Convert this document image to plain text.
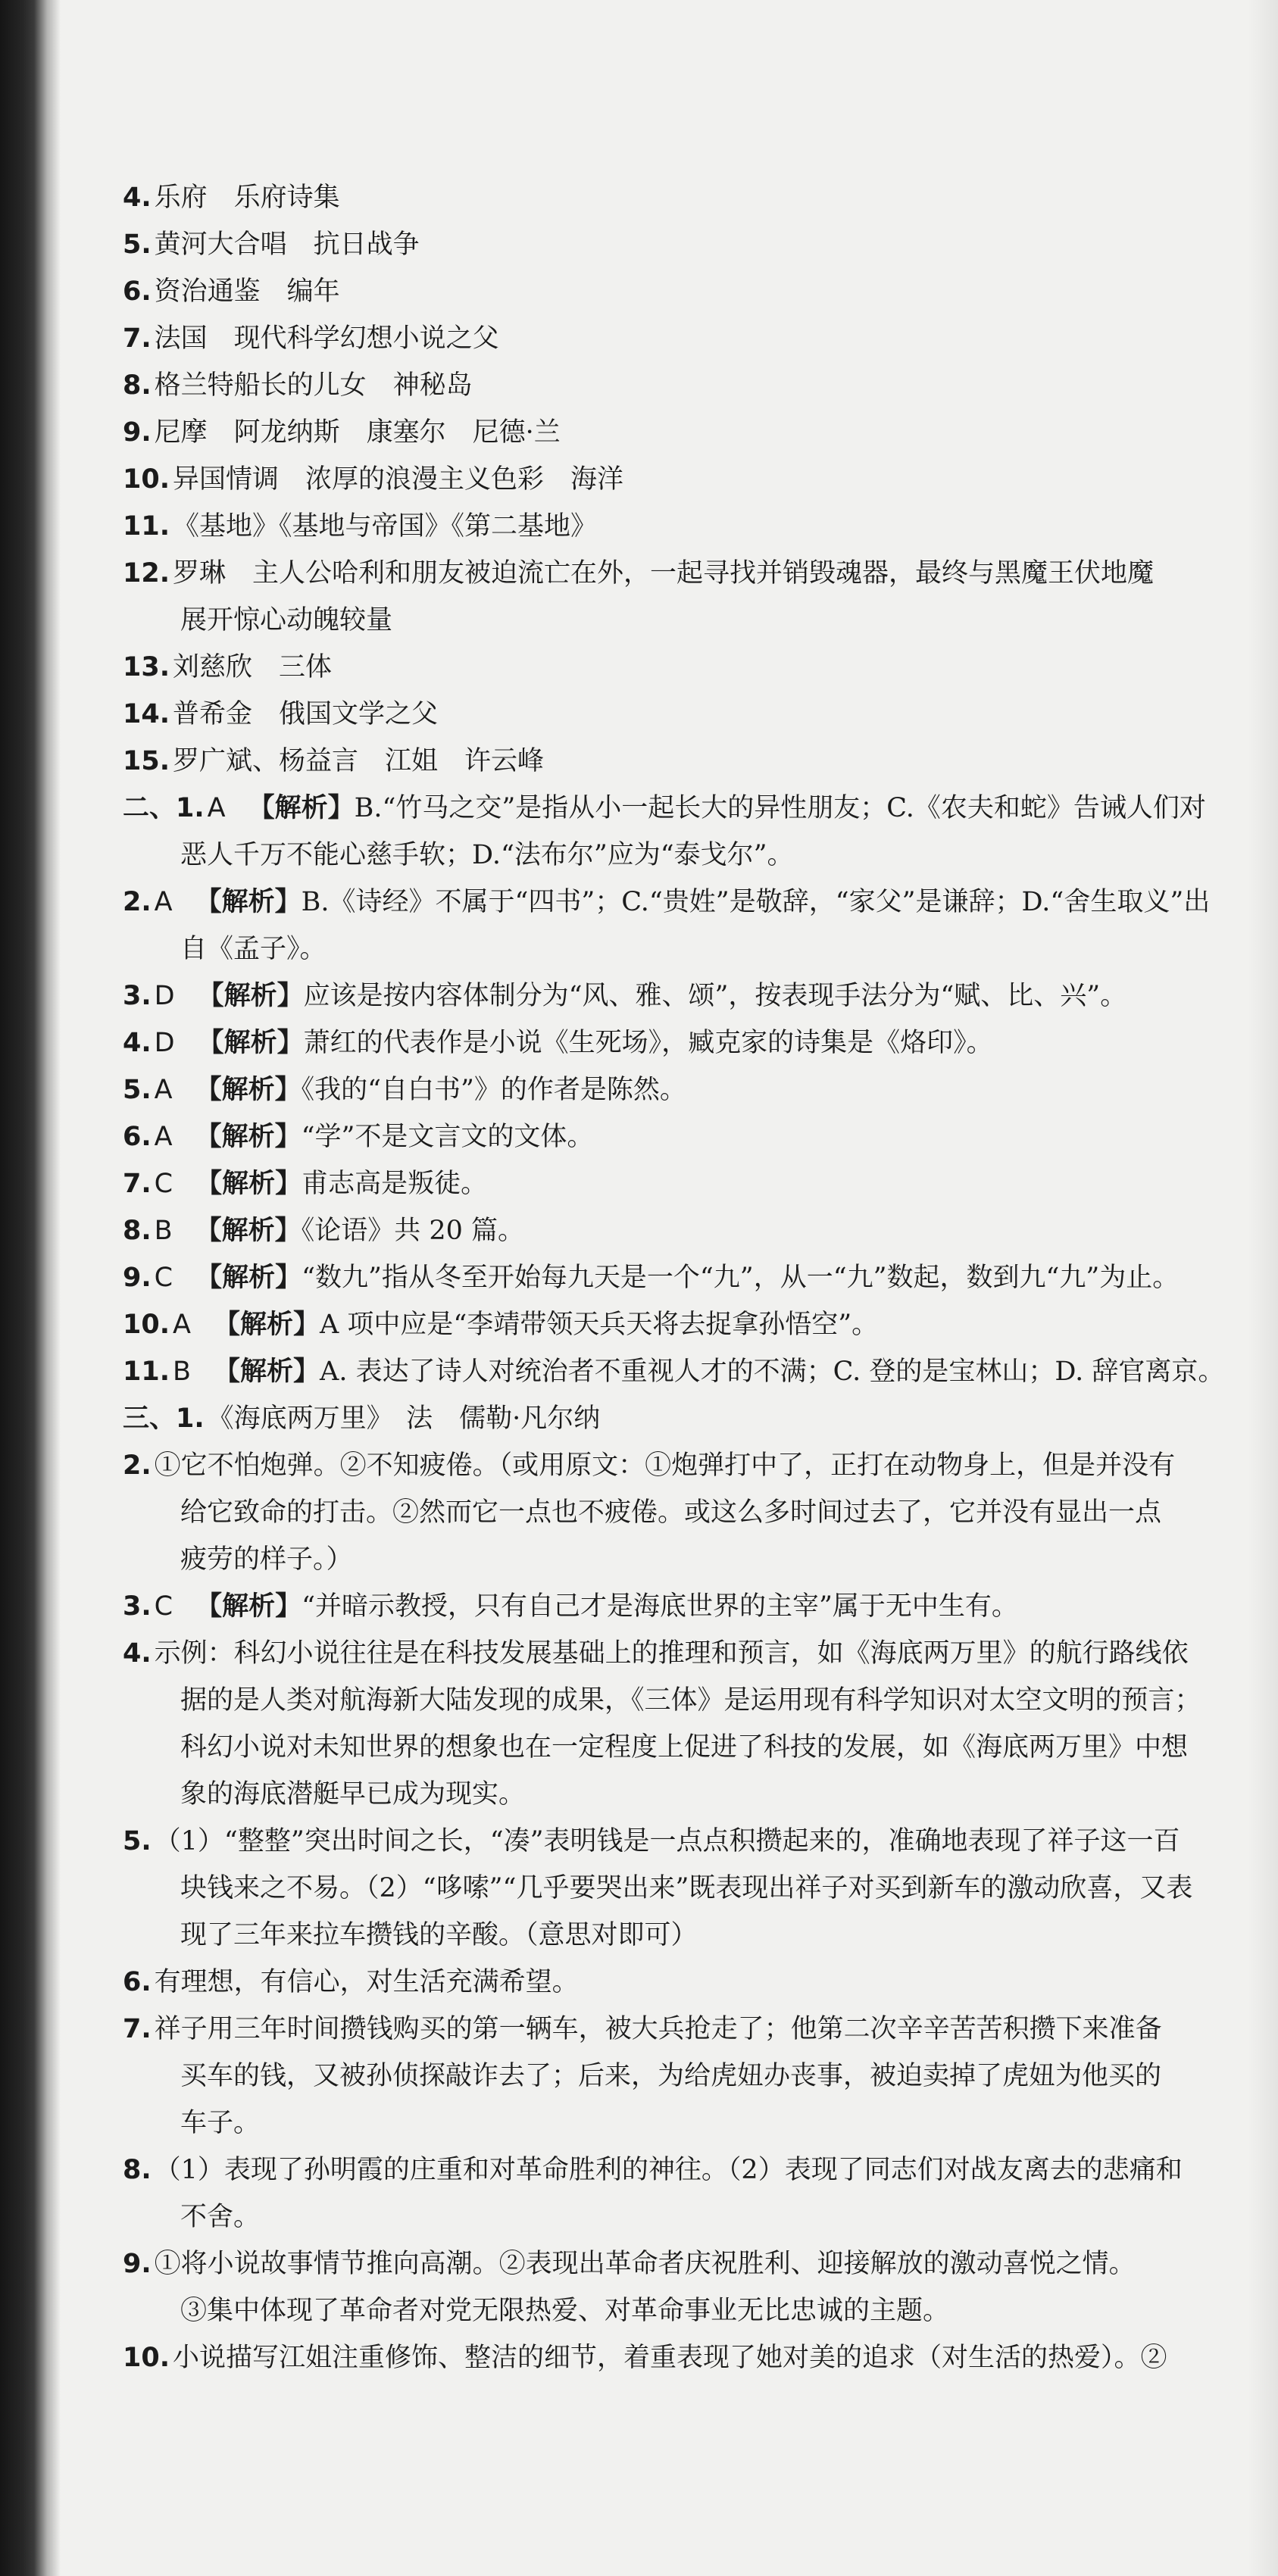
4. 乐府　乐府诗集

5. 黄河大合唱　抗日战争

6. 资治通鉴　编年

7. 法国　现代科学幻想小说之父

8. 格兰特船长的儿女　神秘岛

9. 尼摩　阿龙纳斯　康塞尔　尼德·兰

10. 异国情调　浓厚的浪漫主义色彩　海洋

11. 《基地》《基地与帝国》《第二基地》

12. 罗琳　主人公哈利和朋友被迫流亡在外，一起寻找并销毁魂器，最终与黑魔王伏地魔
展开惊心动魄较量

13. 刘慈欣　三体

14. 普希金　俄国文学之父

15. 罗广斌、杨益言　江姐　许云峰

二、1. A 【解析】B.“竹马之交”是指从小一起长大的异性朋友；C.《农夫和蛇》告诫人们对
恶人千万不能心慈手软；D.“法布尔”应为“泰戈尔”。

2. A 【解析】B.《诗经》不属于“四书”；C.“贵姓”是敬辞，“家父”是谦辞；D.“舍生取义”出
自《孟子》。

3. D 【解析】应该是按内容体制分为“风、雅、颂”，按表现手法分为“赋、比、兴”。

4. D 【解析】萧红的代表作是小说《生死场》，臧克家的诗集是《烙印》。

5. A 【解析】《我的“自白书”》的作者是陈然。

6. A 【解析】“学”不是文言文的文体。

7. C 【解析】甫志高是叛徒。

8. B 【解析】《论语》共 20 篇。

9. C 【解析】“数九”指从冬至开始每九天是一个“九”，从一“九”数起，数到九“九”为止。

10. A 【解析】A 项中应是“李靖带领天兵天将去捉拿孙悟空”。

11. B 【解析】A. 表达了诗人对统治者不重视人才的不满；C. 登的是宝林山；D. 辞官离京。

三、1. 《海底两万里》　法　儒勒·凡尔纳

2. ①它不怕炮弹。②不知疲倦。（或用原文：①炮弹打中了，正打在动物身上，但是并没有
给它致命的打击。②然而它一点也不疲倦。或这么多时间过去了，它并没有显出一点
疲劳的样子。）

3. C 【解析】“并暗示教授，只有自己才是海底世界的主宰”属于无中生有。

4. 示例：科幻小说往往是在科技发展基础上的推理和预言，如《海底两万里》的航行路线依
据的是人类对航海新大陆发现的成果，《三体》是运用现有科学知识对太空文明的预言；
科幻小说对未知世界的想象也在一定程度上促进了科技的发展，如《海底两万里》中想
象的海底潜艇早已成为现实。

5. （1）“整整”突出时间之长，“凑”表明钱是一点点积攒起来的，准确地表现了祥子这一百
块钱来之不易。（2）“哆嗦”“几乎要哭出来”既表现出祥子对买到新车的激动欣喜，又表
现了三年来拉车攒钱的辛酸。（意思对即可）

6. 有理想，有信心，对生活充满希望。

7. 祥子用三年时间攒钱购买的第一辆车，被大兵抢走了；他第二次辛辛苦苦积攒下来准备
买车的钱，又被孙侦探敲诈去了；后来，为给虎妞办丧事，被迫卖掉了虎妞为他买的
车子。

8. （1）表现了孙明霞的庄重和对革命胜利的神往。（2）表现了同志们对战友离去的悲痛和
不舍。

9. ①将小说故事情节推向高潮。②表现出革命者庆祝胜利、迎接解放的激动喜悦之情。
③集中体现了革命者对党无限热爱、对革命事业无比忠诚的主题。

10. 小说描写江姐注重修饰、整洁的细节，着重表现了她对美的追求（对生活的热爱）。②
